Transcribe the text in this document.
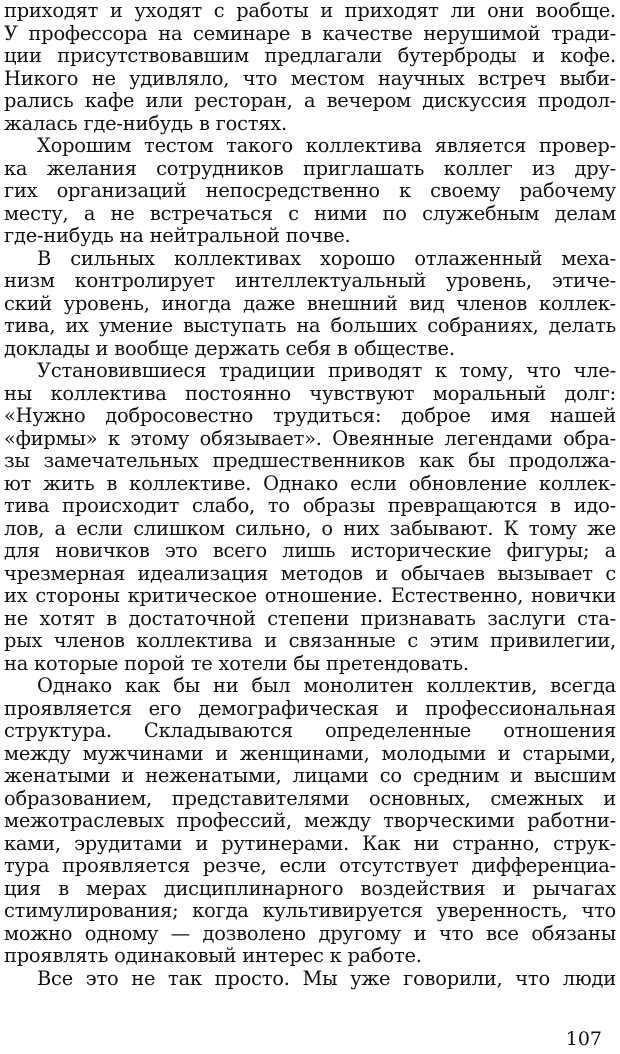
приходят и уходят с работы и приходят ли они вообще.
У профессора на семинаре в качестве нерушимой тради-
ции присутствовавшим предлагали бутерброды и кофе.
Никого не удивляло, что местом научных встреч выби-
рались кафе или ресторан, а вечером дискуссия продол-
жалась где-нибудь в гостях.
Хорошим тестом такого коллектива является провер-
ка желания сотрудников приглашать коллег из дру-
гих организаций непосредственно к своему рабочему
месту, а не встречаться с ними по служебным делам
где-нибудь на нейтральной почве.
В сильных коллективах хорошо отлаженный меха-
низм контролирует интеллектуальный уровень, этиче-
ский уровень, иногда даже внешний вид членов коллек-
тива, их умение выступать на больших собраниях, делать
доклады и вообще держать себя в обществе.
Установившиеся традиции приводят к тому, что чле-
ны коллектива постоянно чувствуют моральный долг:
«Нужно добросовестно трудиться: доброе имя нашей
«фирмы» к этому обязывает». Овеянные легендами обра-
зы замечательных предшественников как бы продолжа-
ют жить в коллективе. Однако если обновление коллек-
тива происходит слабо, то образы превращаются в идо-
лов, а если слишком сильно, о них забывают. К тому же
для новичков это всего лишь исторические фигуры; а
чрезмерная идеализация методов и обычаев вызывает с
их стороны критическое отношение. Естественно, новички
не хотят в достаточной степени признавать заслуги ста-
рых членов коллектива и связанные с этим привилегии,
на которые порой те хотели бы претендовать.
Однако как бы ни был монолитен коллектив, всегда
проявляется его демографическая и профессиональная
структура. Складываются определенные отношения
между мужчинами и женщинами, молодыми и старыми,
женатыми и неженатыми, лицами со средним и высшим
образованием, представителями основных, смежных и
межотраслевых профессий, между творческими работни-
ками, эрудитами и рутинерами. Как ни странно, струк-
тура проявляется резче, если отсутствует дифференциа-
ция в мерах дисциплинарного воздействия и рычагах
стимулирования; когда культивируется уверенность, что
можно одному — дозволено другому и что все обязаны
проявлять одинаковый интерес к работе.
Все это не так просто. Мы уже говорили, что люди
107
